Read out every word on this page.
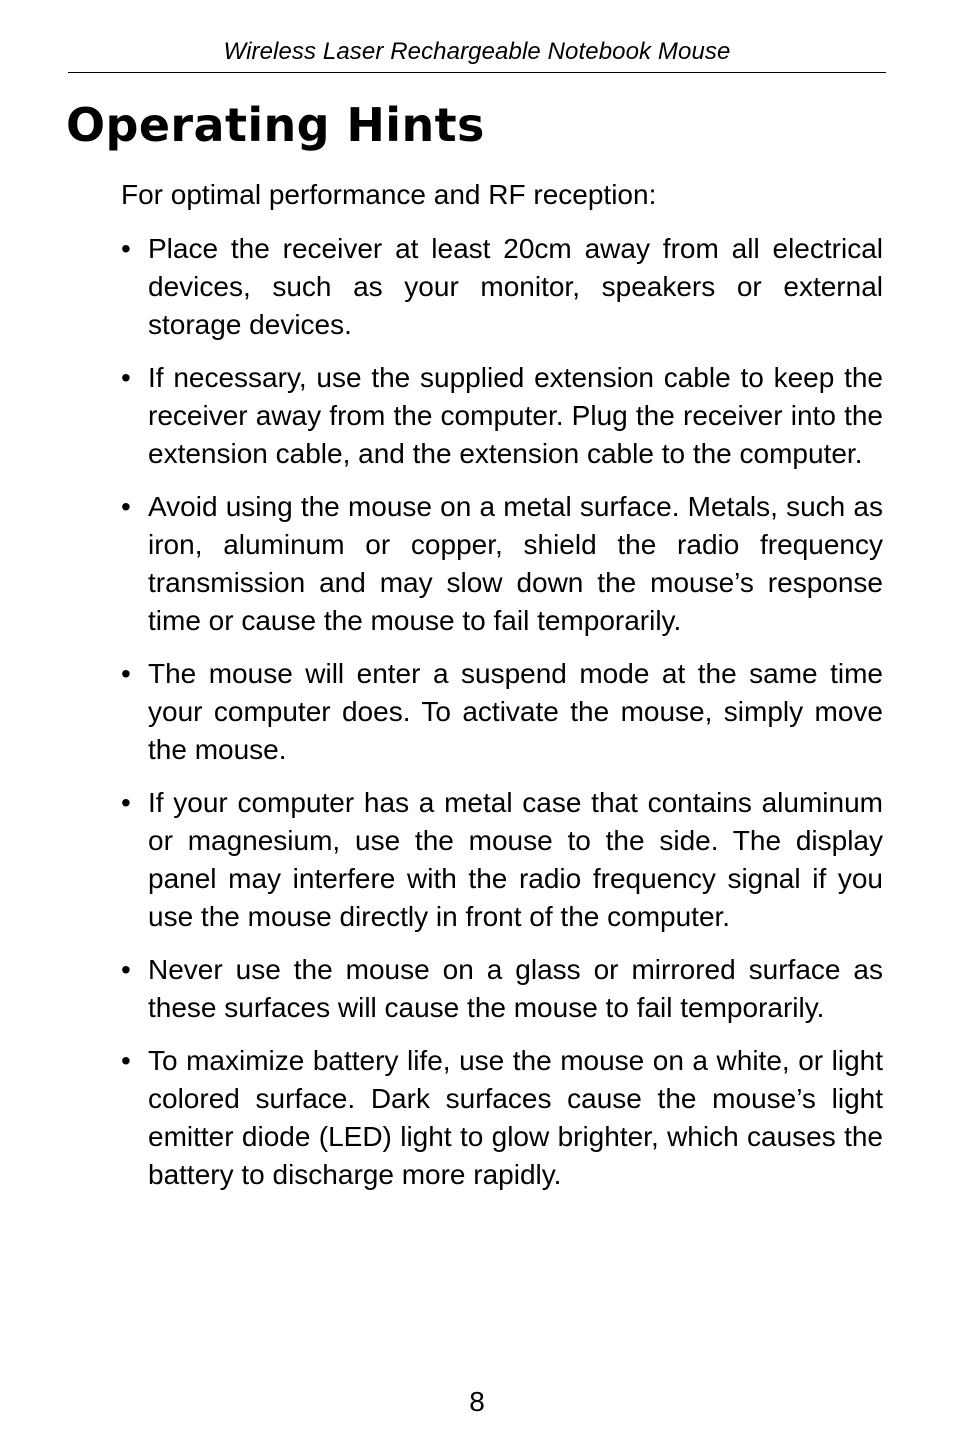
Wireless Laser Rechargeable Notebook Mouse
Operating Hints

For optimal performance and RF reception:

• Place the receiver at least 20cm away from all electrical devices, such as your monitor, speakers or external storage devices.
• If necessary, use the supplied extension cable to keep the receiver away from the computer. Plug the receiver into the extension cable, and the extension cable to the computer.
• Avoid using the mouse on a metal surface. Metals, such as iron, aluminum or copper, shield the radio frequency transmission and may slow down the mouse’s response time or cause the mouse to fail temporarily.
• The mouse will enter a suspend mode at the same time your computer does. To activate the mouse, simply move the mouse.
• If your computer has a metal case that contains aluminum or magnesium, use the mouse to the side. The display panel may interfere with the radio frequency signal if you use the mouse directly in front of the computer.
• Never use the mouse on a glass or mirrored surface as these surfaces will cause the mouse to fail temporarily.
• To maximize battery life, use the mouse on a white, or light colored surface. Dark surfaces cause the mouse’s light emitter diode (LED) light to glow brighter, which causes the battery to discharge more rapidly.
8
